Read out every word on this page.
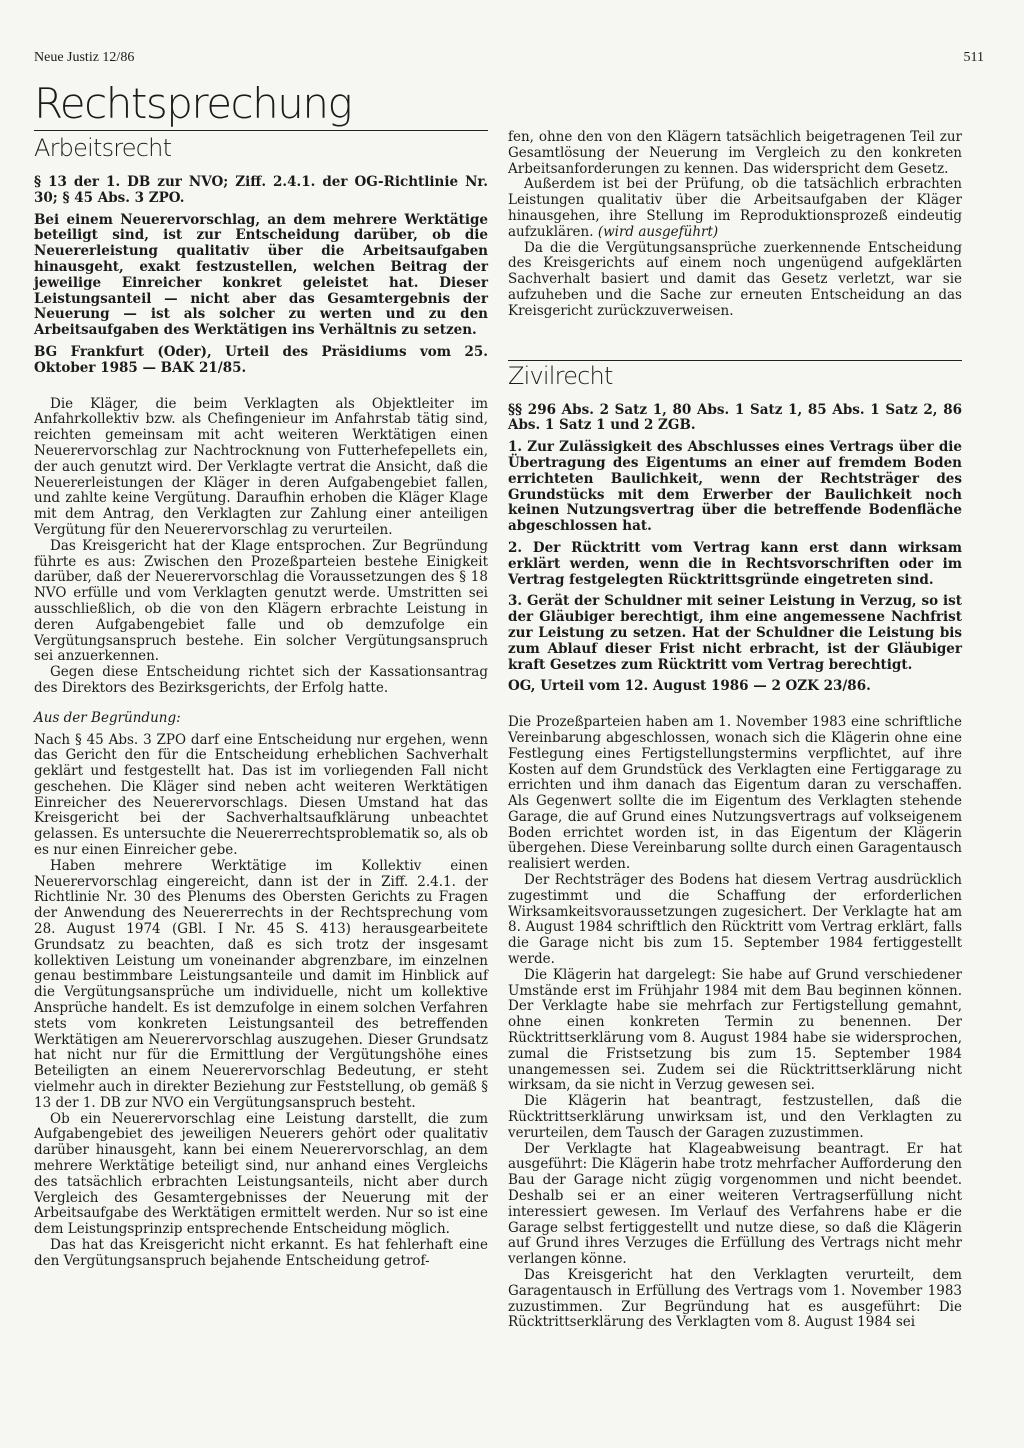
Neue Justiz 12/86	511
Rechtsprechung
Arbeitsrecht
§ 13 der 1. DB zur NVO; Ziff. 2.4.1. der OG-Richtlinie Nr. 30; § 45 Abs. 3 ZPO.
Bei einem Neuerervorschlag, an dem mehrere Werktätige beteiligt sind, ist zur Entscheidung darüber, ob die Neuererleistung qualitativ über die Arbeitsaufgaben hinausgeht, exakt festzustellen, welchen Beitrag der jeweilige Einreicher konkret geleistet hat. Dieser Leistungsanteil — nicht aber das Gesamtergebnis der Neuerung — ist als solcher zu werten und zu den Arbeitsaufgaben des Werktätigen ins Verhältnis zu setzen.
BG Frankfurt (Oder), Urteil des Präsidiums vom 25. Oktober 1985 — BAK 21/85.
Die Kläger, die beim Verklagten als Objektleiter im Anfahrkollektiv bzw. als Chefingenieur im Anfahrstab tätig sind, reichten gemeinsam mit acht weiteren Werktätigen einen Neuerervorschlag zur Nachtrocknung von Futterhefepellets ein, der auch genutzt wird. Der Verklagte vertrat die Ansicht, daß die Neuererleistungen der Kläger in deren Aufgabengebiet fallen, und zahlte keine Vergütung. Daraufhin erhoben die Kläger Klage mit dem Antrag, den Verklagten zur Zahlung einer anteiligen Vergütung für den Neuerervorschlag zu verurteilen.
Das Kreisgericht hat der Klage entsprochen. Zur Begründung führte es aus: Zwischen den Prozeßparteien bestehe Einigkeit darüber, daß der Neuerervorschlag die Voraussetzungen des § 18 NVO erfülle und vom Verklagten genutzt werde. Umstritten sei ausschließlich, ob die von den Klägern erbrachte Leistung in deren Aufgabengebiet falle und ob demzufolge ein Vergütungsanspruch bestehe. Ein solcher Vergütungsanspruch sei anzuerkennen.
Gegen diese Entscheidung richtet sich der Kassationsantrag des Direktors des Bezirksgerichts, der Erfolg hatte.
Aus der Begründung:
Nach § 45 Abs. 3 ZPO darf eine Entscheidung nur ergehen, wenn das Gericht den für die Entscheidung erheblichen Sachverhalt geklärt und festgestellt hat. Das ist im vorliegenden Fall nicht geschehen. Die Kläger sind neben acht weiteren Werktätigen Einreicher des Neuerervorschlags. Diesen Umstand hat das Kreisgericht bei der Sachverhaltsaufklärung unbeachtet gelassen. Es untersuchte die Neuererrechtsproblematik so, als ob es nur einen Einreicher gebe.
Haben mehrere Werktätige im Kollektiv einen Neuerervorschlag eingereicht, dann ist der in Ziff. 2.4.1. der Richtlinie Nr. 30 des Plenums des Obersten Gerichts zu Fragen der Anwendung des Neuererrechts in der Rechtsprechung vom 28. August 1974 (GBl. I Nr. 45 S. 413) herausgearbeitete Grundsatz zu beachten, daß es sich trotz der insgesamt kollektiven Leistung um voneinander abgrenzbare, im einzelnen genau bestimmbare Leistungsanteile und damit im Hinblick auf die Vergütungsansprüche um individuelle, nicht um kollektive Ansprüche handelt. Es ist demzufolge in einem solchen Verfahren stets vom konkreten Leistungsanteil des betreffenden Werktätigen am Neuerervorschlag auszugehen. Dieser Grundsatz hat nicht nur für die Ermittlung der Vergütungshöhe eines Beteiligten an einem Neuerervorschlag Bedeutung, er steht vielmehr auch in direkter Beziehung zur Feststellung, ob gemäß § 13 der 1. DB zur NVO ein Vergütungsanspruch besteht.
Ob ein Neuerervorschlag eine Leistung darstellt, die zum Aufgabengebiet des jeweiligen Neuerers gehört oder qualitativ darüber hinausgeht, kann bei einem Neuerervorschlag, an dem mehrere Werktätige beteiligt sind, nur anhand eines Vergleichs des tatsächlich erbrachten Leistungsanteils, nicht aber durch Vergleich des Gesamtergebnisses der Neuerung mit der Arbeitsaufgabe des Werktätigen ermittelt werden. Nur so ist eine dem Leistungsprinzip entsprechende Entscheidung möglich.
Das hat das Kreisgericht nicht erkannt. Es hat fehlerhaft eine den Vergütungsanspruch bejahende Entscheidung getrof-
fen, ohne den von den Klägern tatsächlich beigetragenen Teil zur Gesamtlösung der Neuerung im Vergleich zu den konkreten Arbeitsanforderungen zu kennen. Das widerspricht dem Gesetz.
Außerdem ist bei der Prüfung, ob die tatsächlich erbrachten Leistungen qualitativ über die Arbeitsaufgaben der Kläger hinausgehen, ihre Stellung im Reproduktionsprozeß eindeutig aufzuklären. (wird ausgeführt)
Da die die Vergütungsansprüche zuerkennende Entscheidung des Kreisgerichts auf einem noch ungenügend aufgeklärten Sachverhalt basiert und damit das Gesetz verletzt, war sie aufzuheben und die Sache zur erneuten Entscheidung an das Kreisgericht zurückzuverweisen.
Zivilrecht
§§ 296 Abs. 2 Satz 1, 80 Abs. 1 Satz 1, 85 Abs. 1 Satz 2, 86 Abs. 1 Satz 1 und 2 ZGB.
1. Zur Zulässigkeit des Abschlusses eines Vertrags über die Übertragung des Eigentums an einer auf fremdem Boden errichteten Baulichkeit, wenn der Rechtsträger des Grundstücks mit dem Erwerber der Baulichkeit noch keinen Nutzungsvertrag über die betreffende Bodenfläche abgeschlossen hat.
2. Der Rücktritt vom Vertrag kann erst dann wirksam erklärt werden, wenn die in Rechtsvorschriften oder im Vertrag festgelegten Rücktrittsgründe eingetreten sind.
3. Gerät der Schuldner mit seiner Leistung in Verzug, so ist der Gläubiger berechtigt, ihm eine angemessene Nachfrist zur Leistung zu setzen. Hat der Schuldner die Leistung bis zum Ablauf dieser Frist nicht erbracht, ist der Gläubiger kraft Gesetzes zum Rücktritt vom Vertrag berechtigt.
OG, Urteil vom 12. August 1986 — 2 OZK 23/86.
Die Prozeßparteien haben am 1. November 1983 eine schriftliche Vereinbarung abgeschlossen, wonach sich die Klägerin ohne eine Festlegung eines Fertigstellungstermins verpflichtet, auf ihre Kosten auf dem Grundstück des Verklagten eine Fertiggarage zu errichten und ihm danach das Eigentum daran zu verschaffen. Als Gegenwert sollte die im Eigentum des Verklagten stehende Garage, die auf Grund eines Nutzungsvertrags auf volkseigenem Boden errichtet worden ist, in das Eigentum der Klägerin übergehen. Diese Vereinbarung sollte durch einen Garagentausch realisiert werden.
Der Rechtsträger des Bodens hat diesem Vertrag ausdrücklich zugestimmt und die Schaffung der erforderlichen Wirksamkeitsvoraussetzungen zugesichert. Der Verklagte hat am 8. August 1984 schriftlich den Rücktritt vom Vertrag erklärt, falls die Garage nicht bis zum 15. September 1984 fertiggestellt werde.
Die Klägerin hat dargelegt: Sie habe auf Grund verschiedener Umstände erst im Frühjahr 1984 mit dem Bau beginnen können. Der Verklagte habe sie mehrfach zur Fertigstellung gemahnt, ohne einen konkreten Termin zu benennen. Der Rücktrittserklärung vom 8. August 1984 habe sie widersprochen, zumal die Fristsetzung bis zum 15. September 1984 unangemessen sei. Zudem sei die Rücktrittserklärung nicht wirksam, da sie nicht in Verzug gewesen sei.
Die Klägerin hat beantragt, festzustellen, daß die Rücktrittserklärung unwirksam ist, und den Verklagten zu verurteilen, dem Tausch der Garagen zuzustimmen.
Der Verklagte hat Klageabweisung beantragt. Er hat ausgeführt: Die Klägerin habe trotz mehrfacher Aufforderung den Bau der Garage nicht zügig vorgenommen und nicht beendet. Deshalb sei er an einer weiteren Vertragserfüllung nicht interessiert gewesen. Im Verlauf des Verfahrens habe er die Garage selbst fertiggestellt und nutze diese, so daß die Klägerin auf Grund ihres Verzuges die Erfüllung des Vertrags nicht mehr verlangen könne.
Das Kreisgericht hat den Verklagten verurteilt, dem Garagentausch in Erfüllung des Vertrags vom 1. November 1983 zuzustimmen. Zur Begründung hat es ausgeführt: Die Rücktrittserklärung des Verklagten vom 8. August 1984 sei
